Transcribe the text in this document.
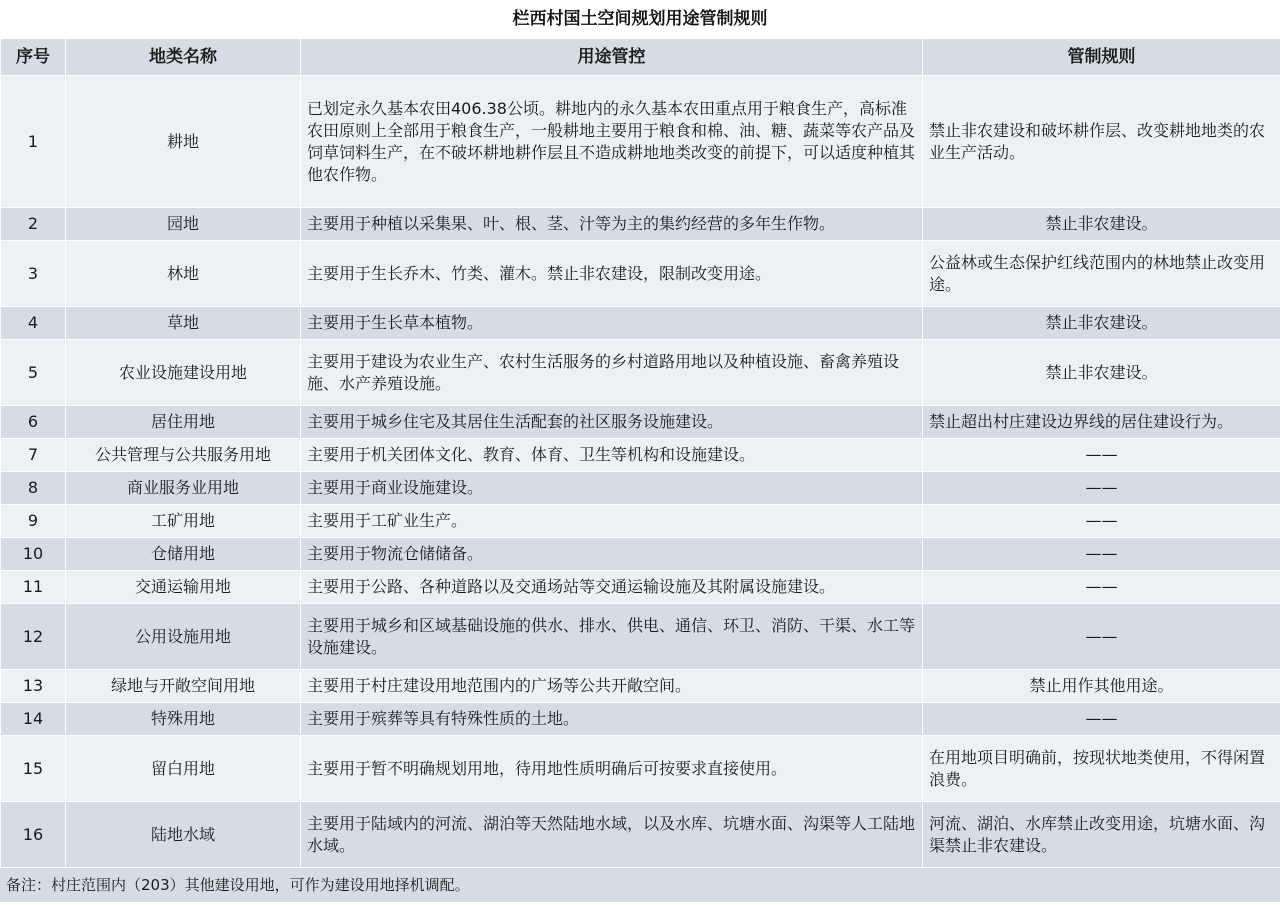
栏西村国土空间规划用途管制规则
序号	地类名称	用途管控	管制规则
1	耕地	已划定永久基本农田406.38公顷。耕地内的永久基本农田重点用于粮食生产，高标准农田原则上全部用于粮食生产，一般耕地主要用于粮食和棉、油、糖、蔬菜等农产品及饲草饲料生产，在不破坏耕地耕作层且不造成耕地地类改变的前提下，可以适度种植其他农作物。	禁止非农建设和破坏耕作层、改变耕地地类的农业生产活动。
2	园地	主要用于种植以采集果、叶、根、茎、汁等为主的集约经营的多年生作物。	禁止非农建设。
3	林地	主要用于生长乔木、竹类、灌木。禁止非农建设，限制改变用途。	公益林或生态保护红线范围内的林地禁止改变用途。
4	草地	主要用于生长草本植物。	禁止非农建设。
5	农业设施建设用地	主要用于建设为农业生产、农村生活服务的乡村道路用地以及种植设施、畜禽养殖设施、水产养殖设施。	禁止非农建设。
6	居住用地	主要用于城乡住宅及其居住生活配套的社区服务设施建设。	禁止超出村庄建设边界线的居住建设行为。
7	公共管理与公共服务用地	主要用于机关团体文化、教育、体育、卫生等机构和设施建设。	——
8	商业服务业用地	主要用于商业设施建设。	——
9	工矿用地	主要用于工矿业生产。	——
10	仓储用地	主要用于物流仓储储备。	——
11	交通运输用地	主要用于公路、各种道路以及交通场站等交通运输设施及其附属设施建设。	——
12	公用设施用地	主要用于城乡和区域基础设施的供水、排水、供电、通信、环卫、消防、干渠、水工等设施建设。	——
13	绿地与开敞空间用地	主要用于村庄建设用地范围内的广场等公共开敞空间。	禁止用作其他用途。
14	特殊用地	主要用于殡葬等具有特殊性质的土地。	——
15	留白用地	主要用于暂不明确规划用地，待用地性质明确后可按要求直接使用。	在用地项目明确前，按现状地类使用，不得闲置浪费。
16	陆地水域	主要用于陆域内的河流、湖泊等天然陆地水域，以及水库、坑塘水面、沟渠等人工陆地水域。	河流、湖泊、水库禁止改变用途，坑塘水面、沟渠禁止非农建设。
备注：村庄范围内（203）其他建设用地，可作为建设用地择机调配。
